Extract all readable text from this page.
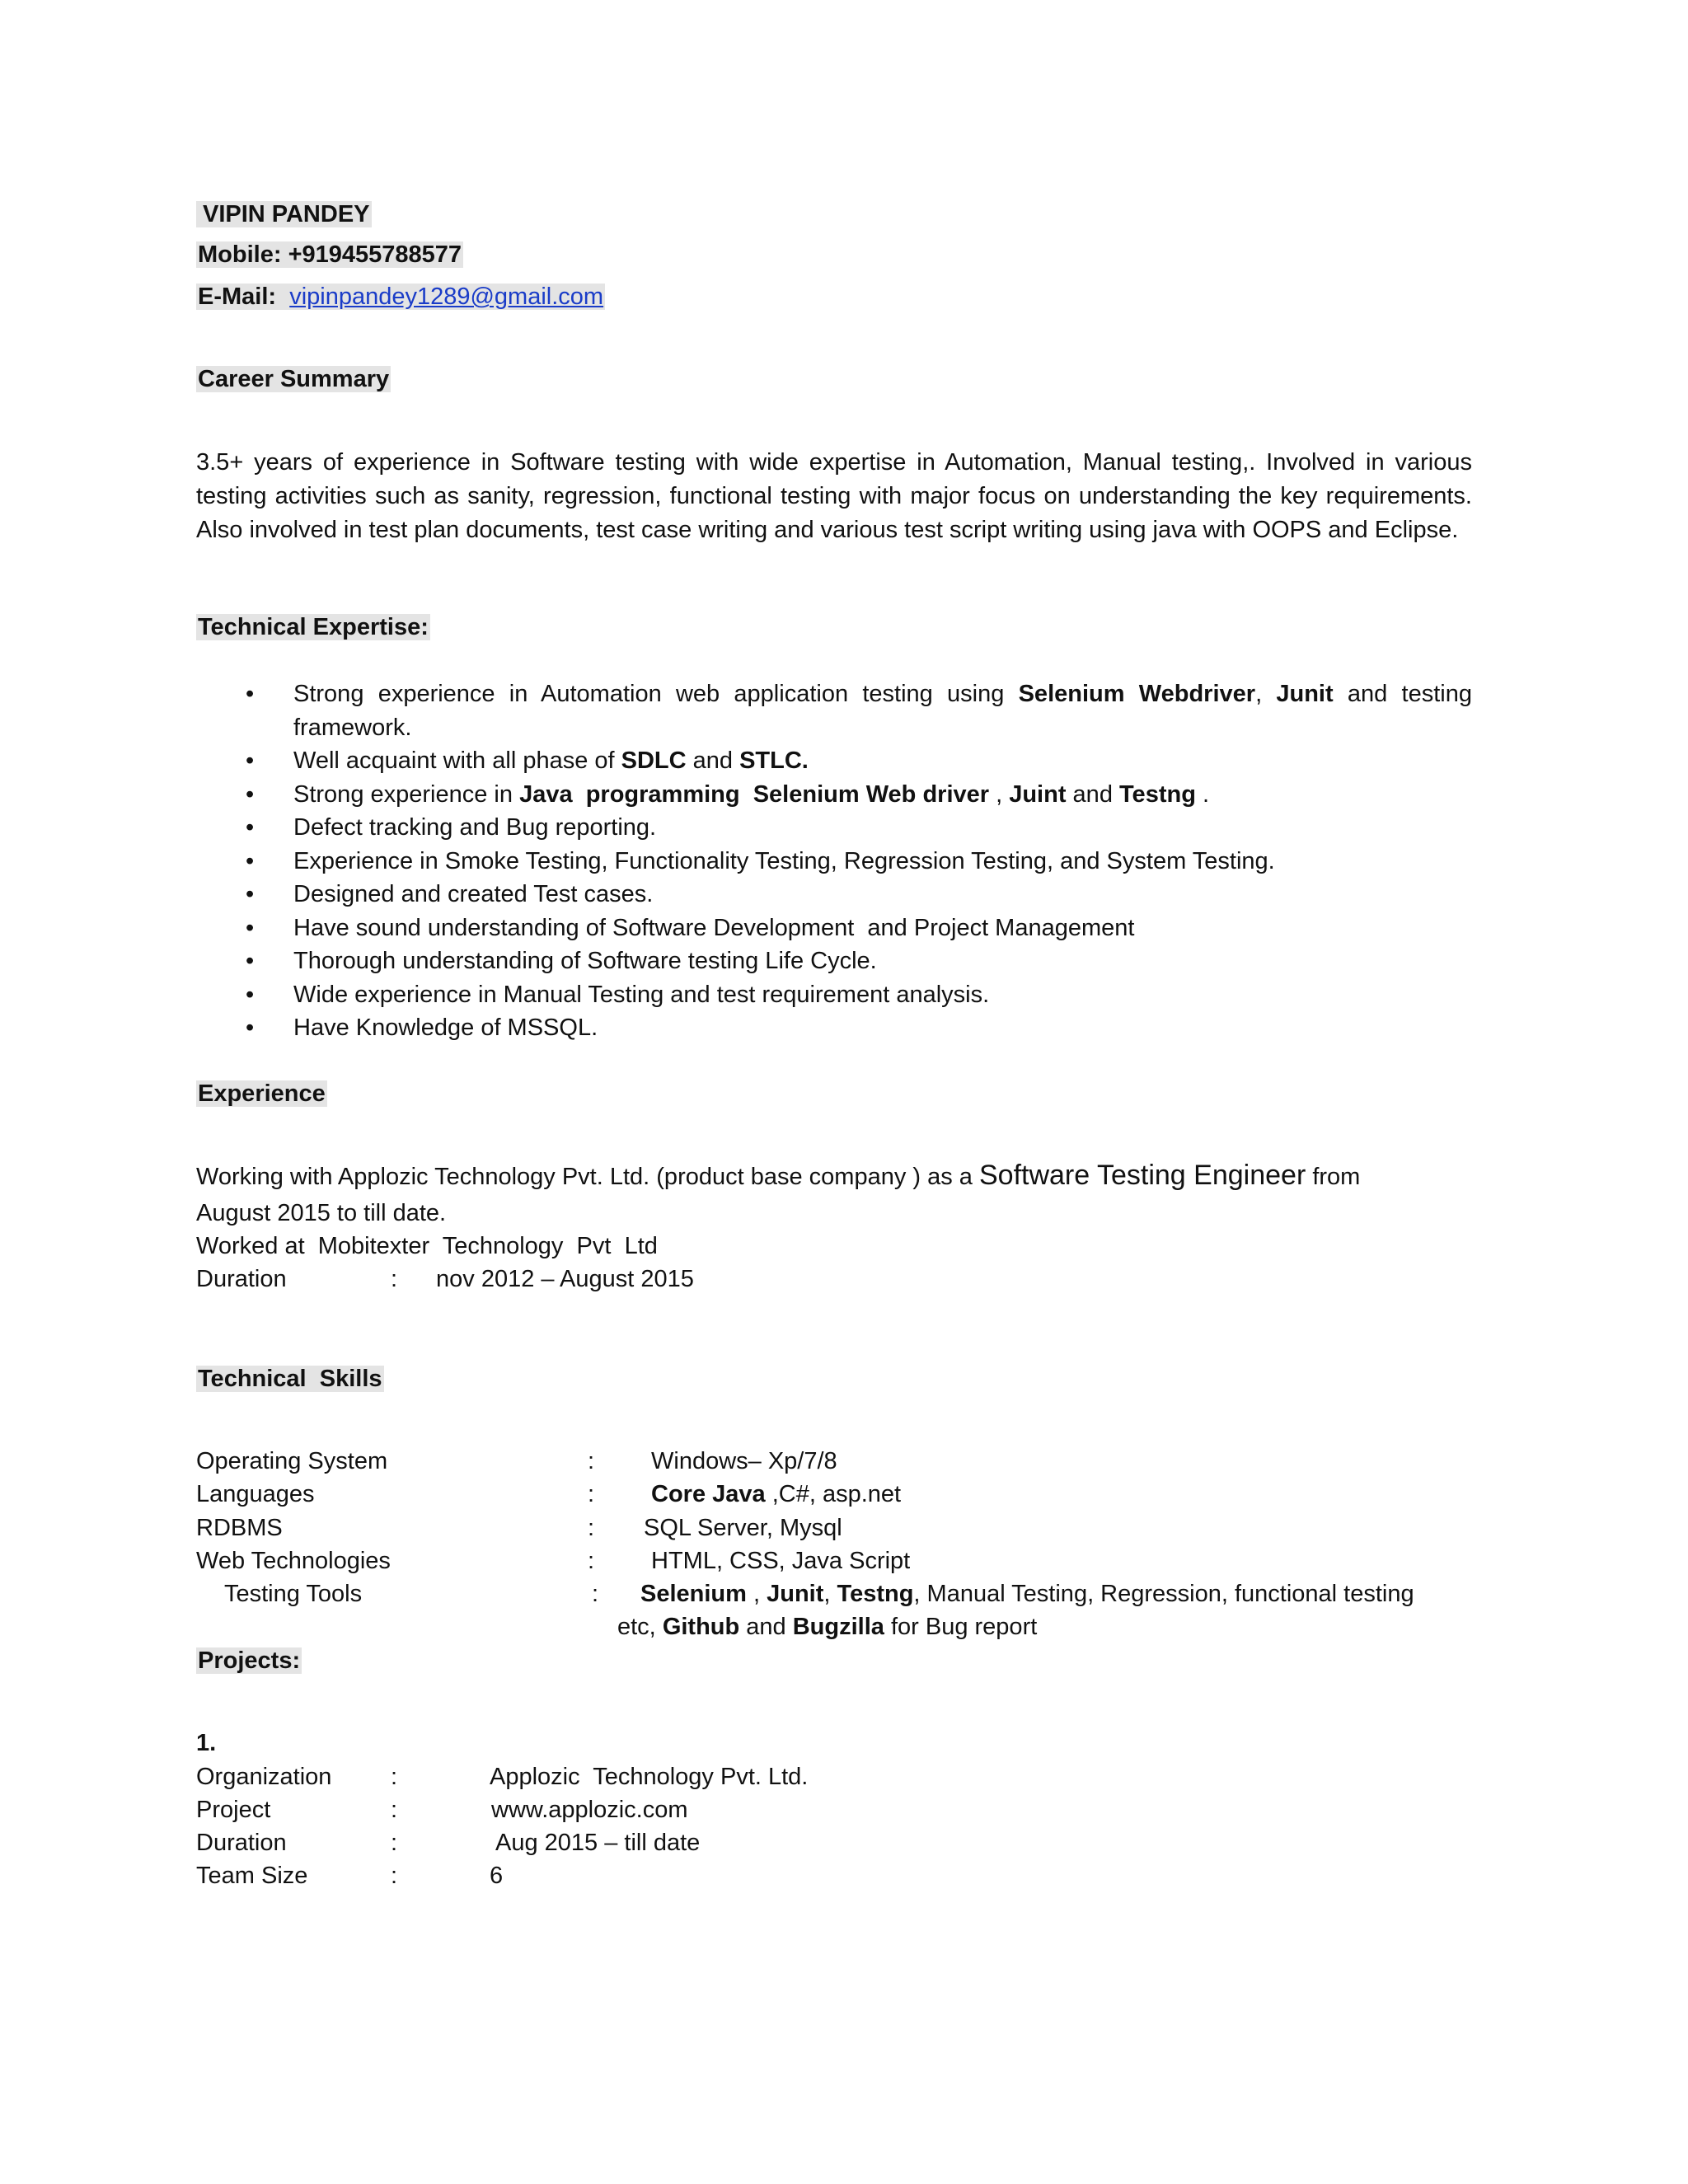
VIPIN PANDEY
Mobile: +919455788577
E-Mail: vipinpandey1289@gmail.com
Career Summary
3.5+ years of experience in Software testing with wide expertise in Automation, Manual testing,. Involved in various testing activities such as sanity, regression, functional testing with major focus on understanding the key requirements. Also involved in test plan documents, test case writing and various test script writing using java with OOPS and Eclipse.
Technical Expertise:
• Strong experience in Automation web application testing using Selenium Webdriver, Junit and testing framework.
• Well acquaint with all phase of SDLC and STLC.
• Strong experience in Java  programming  Selenium Web driver , Juint and Testng .
• Defect tracking and Bug reporting.
• Experience in Smoke Testing, Functionality Testing, Regression Testing, and System Testing.
• Designed and created Test cases.
• Have sound understanding of Software Development  and Project Management
• Thorough understanding of Software testing Life Cycle.
• Wide experience in Manual Testing and test requirement analysis.
• Have Knowledge of MSSQL.
Experience
Working with Applozic Technology Pvt. Ltd. (product base company ) as a Software Testing Engineer from
August 2015 to till date.
Worked at  Mobitexter  Technology  Pvt  Ltd
Duration	: nov 2012 – August 2015
Technical  Skills
Operating System	: Windows– Xp/7/8
Languages	: Core Java ,C#, asp.net
RDBMS	: SQL Server, Mysql
Web Technologies	: HTML, CSS, Java Script
Testing Tools	: Selenium , Junit, Testng, Manual Testing, Regression, functional testing
etc, Github and Bugzilla for Bug report
Projects:
1.
Organization :	Applozic  Technology Pvt. Ltd.
Project	:	www.applozic.com
Duration	:	Aug 2015 – till date
Team Size	:	6
